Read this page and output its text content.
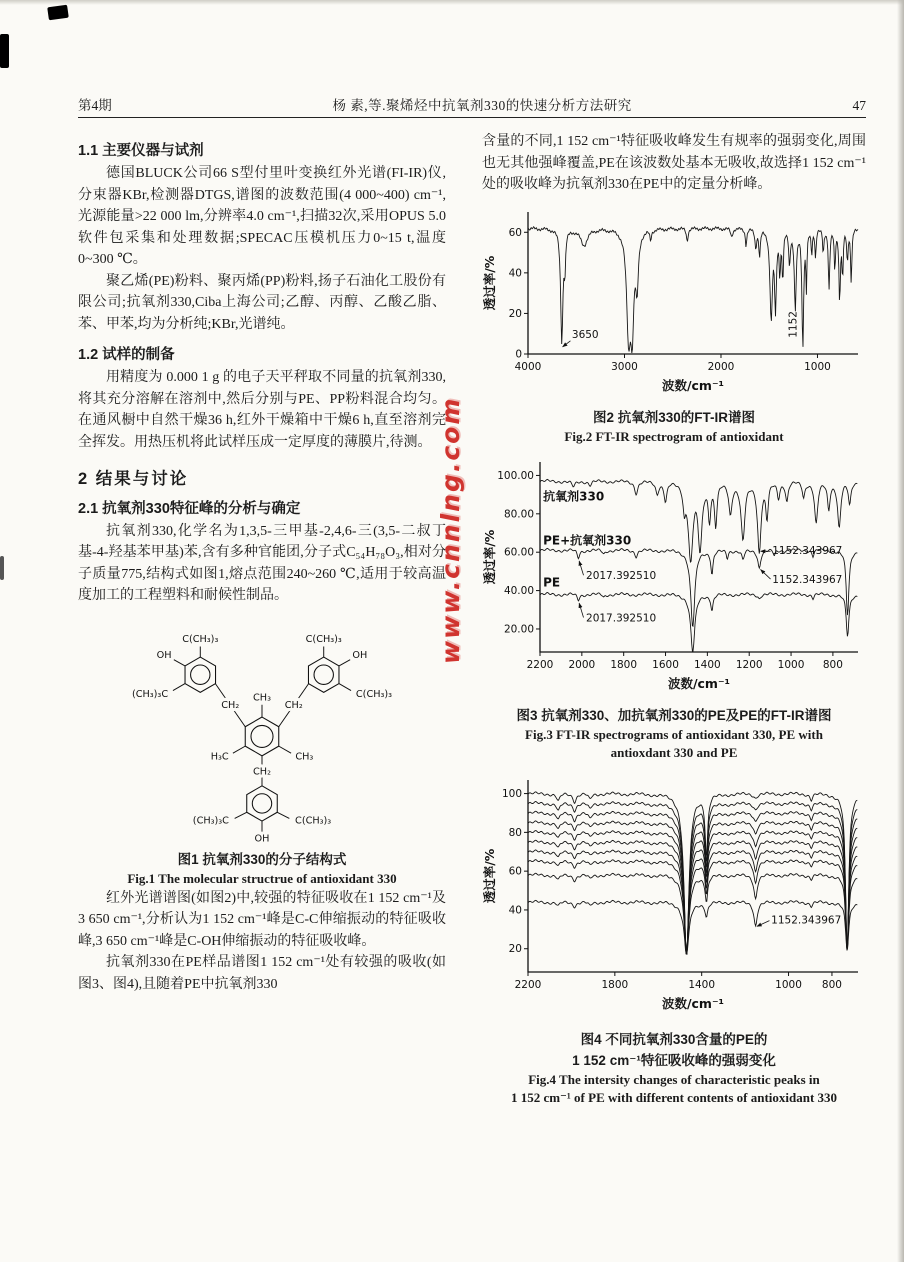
第4期	杨 素,等.聚烯烃中抗氧剂330的快速分析方法研究	47
www.cnnlng.com
1.1 主要仪器与试剂

德国BLUCK公司66 S型付里叶变换红外光谱(FI-IR)仪,分束器KBr,检测器DTGS,谱图的波数范围(4 000~400) cm⁻¹,光源能量>22 000 lm,分辨率4.0 cm⁻¹,扫描32次,采用OPUS 5.0软件包采集和处理数据;SPECAC压模机压力0~15 t,温度0~300 ℃。

聚乙烯(PE)粉料、聚丙烯(PP)粉料,扬子石油化工股份有限公司;抗氧剂330,Ciba上海公司;乙醇、丙醇、乙酸乙脂、苯、甲苯,均为分析纯;KBr,光谱纯。

1.2 试样的制备

用精度为 0.000 1 g 的电子天平秤取不同量的抗氧剂330,将其充分溶解在溶剂中,然后分别与PE、PP粉料混合均匀。在通风橱中自然干燥36 h,红外干燥箱中干燥6 h,直至溶剂完全挥发。用热压机将此试样压成一定厚度的薄膜片,待测。

2 结果与讨论
2.1 抗氧剂330特征峰的分析与确定

抗氧剂330,化学名为1,3,5-三甲基-2,4,6-三(3,5-二叔丁基-4-羟基苯甲基)苯,含有多种官能团,分子式C₅₄H₇₈O₃,相对分子质量775,结构式如图1,熔点范围240~260 ℃,适用于较高温度加工的工程塑料和耐候性制品。

CH₂	CH₂
CH₂
CH₃
H₃C	CH₃
C(CH₃)₃
OH
(CH₃)₃C
C(CH₃)₃
OH
C(CH₃)₃
(CH₃)₃C	C(CH₃)₃
OH
图1 抗氧剂330的分子结构式
Fig.1 The molecular structrue of antioxidant 330

红外光谱谱图(如图2)中,较强的特征吸收在1 152 cm⁻¹及3 650 cm⁻¹,分析认为1 152 cm⁻¹峰是C-C伸缩振动的特征吸收峰,3 650 cm⁻¹峰是C-OH伸缩振动的特征吸收峰。

抗氧剂330在PE样品谱图1 152 cm⁻¹处有较强的吸收(如图3、图4),且随着PE中抗氧剂330

含量的不同,1 152 cm⁻¹特征吸收峰发生有规率的强弱变化,周围也无其他强峰覆盖,PE在该波数处基本无吸收,故选择1 152 cm⁻¹处的吸收峰为抗氧剂330在PE中的定量分析峰。

4000	3000	2000	1000
0
20
40
60
3650	1152
波数/cm⁻¹
透过率/%
图2 抗氧剂330的FT-IR谱图
Fig.2 FT-IR spectrogram of antioxidant
2200 2000 1800 1600 1400 1200 1000 800
20.00
40.00
60.00
80.00
100.00
抗氧剂330
PE+抗氧剂330
PE
1152.343967
1152.343967
2017.392510
2017.392510
波数/cm⁻¹
透过率/%
图3 抗氧剂330、加抗氧剂330的PE及PE的FT-IR谱图
Fig.3 FT-IR spectrograms of antioxidant 330, PE with
antioxdant 330 and PE
2200	1800	1400	1000 800
20
40
60
80
100
1152.343967
波数/cm⁻¹
透过率/%
图4 不同抗氧剂330含量的PE的
1 152 cm⁻¹特征吸收峰的强弱变化
Fig.4 The intersity changes of characteristic peaks in
1 152 cm⁻¹ of PE with different contents of antioxidant 330
